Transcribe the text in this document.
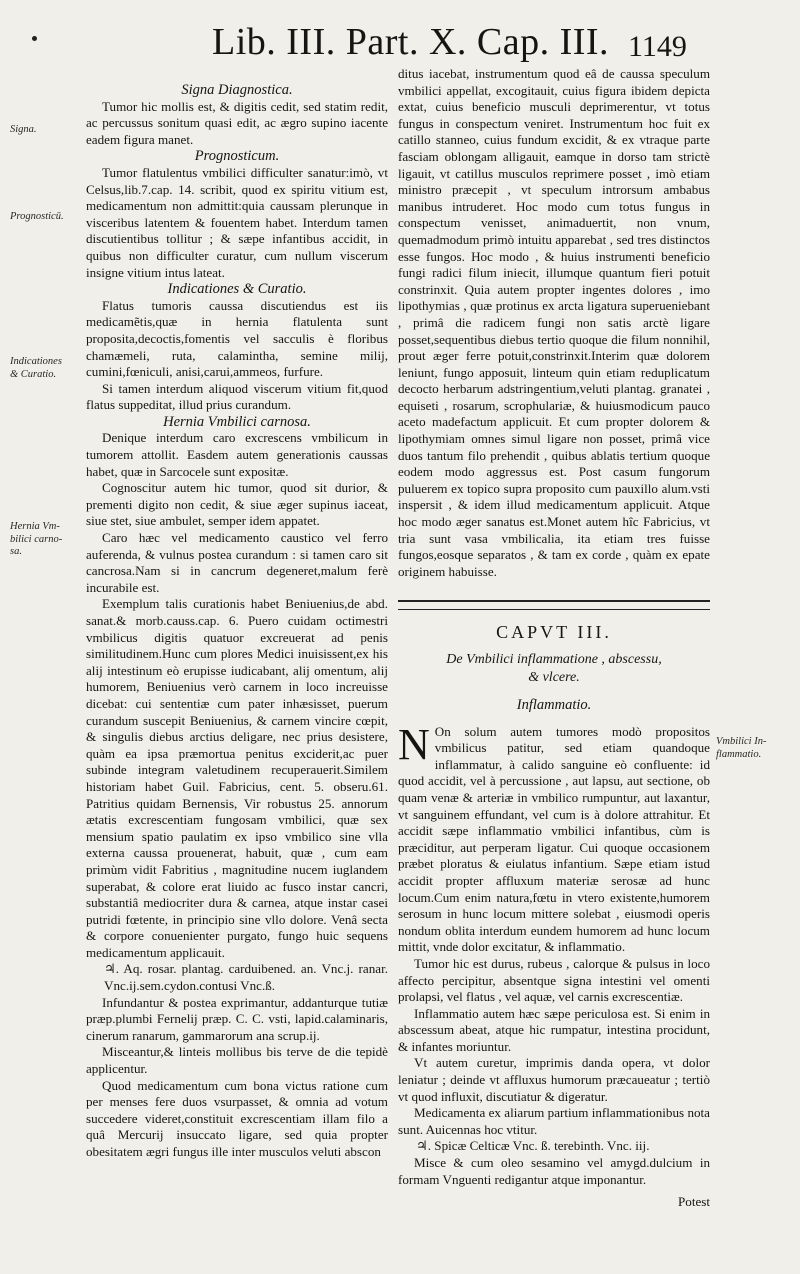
Lib. III. Part. X. Cap. III. 1149
Signa.
Prognosticū.
Indicationes
& Curatio.
Hernia Vm-
bilici carno-
sa.
Vmbilici In-
flammatio.

Signa Diagnostica.

Tumor hic mollis est, & digitis cedit, sed statim redit, ac percussus sonitum quasi edit, ac ægro supino iacente eadem figura manet.

Prognosticum.

Tumor flatulentus vmbilici difficulter sanatur:imò, vt Celsus,lib.7.cap. 14. scribit, quod ex spiritu vitium est, medicamentum non admittit:quia caussam plerunque in visceribus latentem & fouentem habet. Interdum tamen discutientibus tollitur ; & sæpe infantibus accidit, in quibus non difficulter curatur, cum nullum viscerum insigne vitium intus lateat.

Indicationes & Curatio.

Flatus tumoris caussa discutiendus est iis medicamẽtis,quæ in hernia flatulenta sunt proposita,decoctis,fomentis vel sacculis è floribus chamæmeli, ruta, calamintha, semine milij, cumini,fœniculi, anisi,carui,ammeos, furfure.

Si tamen interdum aliquod viscerum vitium fit,quod flatus suppeditat, illud prius curandum.

Hernia Vmbilici carnosa.

Denique interdum caro excrescens vmbilicum in tumorem attollit. Easdem autem generationis caussas habet, quæ in Sarcocele sunt expositæ.

Cognoscitur autem hic tumor, quod sit durior, & prementi digito non cedit, & siue æger supinus iaceat, siue stet, siue ambulet, semper idem appatet.

Caro hæc vel medicamento caustico vel ferro auferenda, & vulnus postea curandum : si tamen caro sit cancrosa.Nam si in cancrum degeneret,malum ferè incurabile est.

Exemplum talis curationis habet Beniuenius,de abd. sanat.& morb.causs.cap. 6. Puero cuidam octimestri vmbilicus digitis quatuor excreuerat ad penis similitudinem.Hunc cum plores Medici inuisissent,ex his alij intestinum eò erupisse iudicabant, alij omentum, alij humorem, Beniuenius verò carnem in loco increuisse dicebat: cui sententiæ cum pater inhæsisset, puerum curandum suscepit Beniuenius, & carnem vincire cœpit, & singulis diebus arctius deligare, nec prius desistere, quàm ea ipsa præmortua penitus exciderit,ac puer subinde integram valetudinem recuperauerit.Similem historiam habet Guil. Fabricius, cent. 5. obseru.61. Patritius quidam Bernensis, Vir robustus 25. annorum ætatis excrescentiam fungosam vmbilici, quæ sex mensium spatio paulatim ex ipso vmbilico sine vlla externa caussa prouenerat, habuit, quæ , cum eam primùm vidit Fabritius , magnitudine nucem iuglandem superabat, & colore erat liuido ac fusco instar cancri, substantiâ mediocriter dura & carnea, atque instar casei putridi fœtente, in principio sine vllo dolore. Venâ secta & corpore conuenienter purgato, fungo huic sequens medicamentum applicauit.

♃. Aq. rosar. plantag. carduibened. an. Vnc.j. ranar. Vnc.ij.sem.cydon.contusi Vnc.ß.

Infundantur & postea exprimantur, addanturque tutiæ præp.plumbi Fernelij præp. C. C. vsti, lapid.calaminaris, cinerum ranarum, gammarorum ana scrup.ij.

Misceantur,& linteis mollibus bis terve de die tepidè applicentur.

Quod medicamentum cum bona victus ratione cum per menses fere duos vsurpasset, & omnia ad votum succedere videret,constituit excrescentiam illam filo a quâ Mercurij insuccato ligare, sed quia propter obesitatem ægri fungus ille inter musculos veluti abscon

ditus iacebat, instrumentum quod eâ de caussa speculum vmbilici appellat, excogitauit, cuius figura ibidem depicta extat, cuius beneficio musculi deprimerentur, vt totus fungus in conspectum veniret. Instrumentum hoc fuit ex catillo stanneo, cuius fundum excidit, & ex vtraque parte fasciam oblongam alligauit, eamque in dorso tam strictè ligauit, vt catillus musculos reprimere posset , imò etiam ministro præcepit , vt speculum introrsum ambabus manibus intruderet. Hoc modo cum totus fungus in conspectum venisset, animaduertit, non vnum, quemadmodum primò intuitu apparebat , sed tres distinctos esse fungos. Hoc modo , & huius instrumenti beneficio fungi radici filum iniecit, illumque quantum fieri potuit constrinxit. Quia autem propter ingentes dolores , imo lipothymias , quæ protinus ex arcta ligatura superueniebant , primâ die radicem fungi non satis arctè ligare posset,sequentibus diebus tertio quoque die filum nonnihil, prout æger ferre potuit,constrinxit.Interim quæ dolorem leniunt, fungo apposuit, linteum quin etiam reduplicatum decocto herbarum adstringentium,veluti plantag. granatei , equiseti , rosarum, scrophulariæ, & huiusmodicum pauco aceto madefactum applicuit. Et cum propter dolorem & lipothymiam omnes simul ligare non posset, primâ vice duos tantum filo prehendit , quibus ablatis tertium quoque eodem modo aggressus est. Post casum fungorum puluerem ex topico supra proposito cum pauxillo alum.vsti inspersit , & idem illud medicamentum applicuit. Atque hoc modo æger sanatus est.Monet autem hîc Fabricius, vt tria sunt vasa vmbilicalia, ita etiam tres fuisse fungos,eosque separatos , & tam ex corde , quàm ex epate originem habuisse.

CAPVT III.
De Vmbilici inflammatione , abscessu,
& vlcere.
Inflammatio.

N On solum autem tumores modò propositos vmbilicus patitur, sed etiam quandoque inflammatur, à calido sanguine eò confluente: id quod accidit, vel à percussione , aut lapsu, aut sectione, ob quam venæ & arteriæ in vmbilico rumpuntur, aut laxantur, vt sanguinem effundant, vel cum is à dolore attrahitur. Et accidit sæpe inflammatio vmbilici infantibus, cùm is præciditur, aut perperam ligatur. Cui quoque occasionem præbet ploratus & eiulatus infantium. Sæpe etiam istud accidit propter affluxum materiæ serosæ ad hunc locum.Cum enim natura,fœtu in vtero existente,humorem serosum in hunc locum mittere solebat , eiusmodi operis nondum oblita interdum eundem humorem ad hunc locum mittit, vnde dolor excitatur, & inflammatio.

Tumor hic est durus, rubeus , calorque & pulsus in loco affecto percipitur, absentque signa intestini vel omenti prolapsi, vel flatus , vel aquæ, vel carnis excrescentiæ.

Inflammatio autem hæc sæpe periculosa est. Si enim in abscessum abeat, atque hic rumpatur, intestina procidunt, & infantes moriuntur.

Vt autem curetur, imprimis danda opera, vt dolor leniatur ; deinde vt affluxus humorum præcaueatur ; tertiò vt quod influxit, discutiatur & digeratur.

Medicamenta ex aliarum partium inflammationibus nota sunt. Auicennas hoc vtitur.

♃. Spicæ Celticæ Vnc. ß. terebinth. Vnc. iij.

Misce & cum oleo sesamino vel amygd.dulcium in formam Vnguenti redigantur atque imponantur.

Potest
